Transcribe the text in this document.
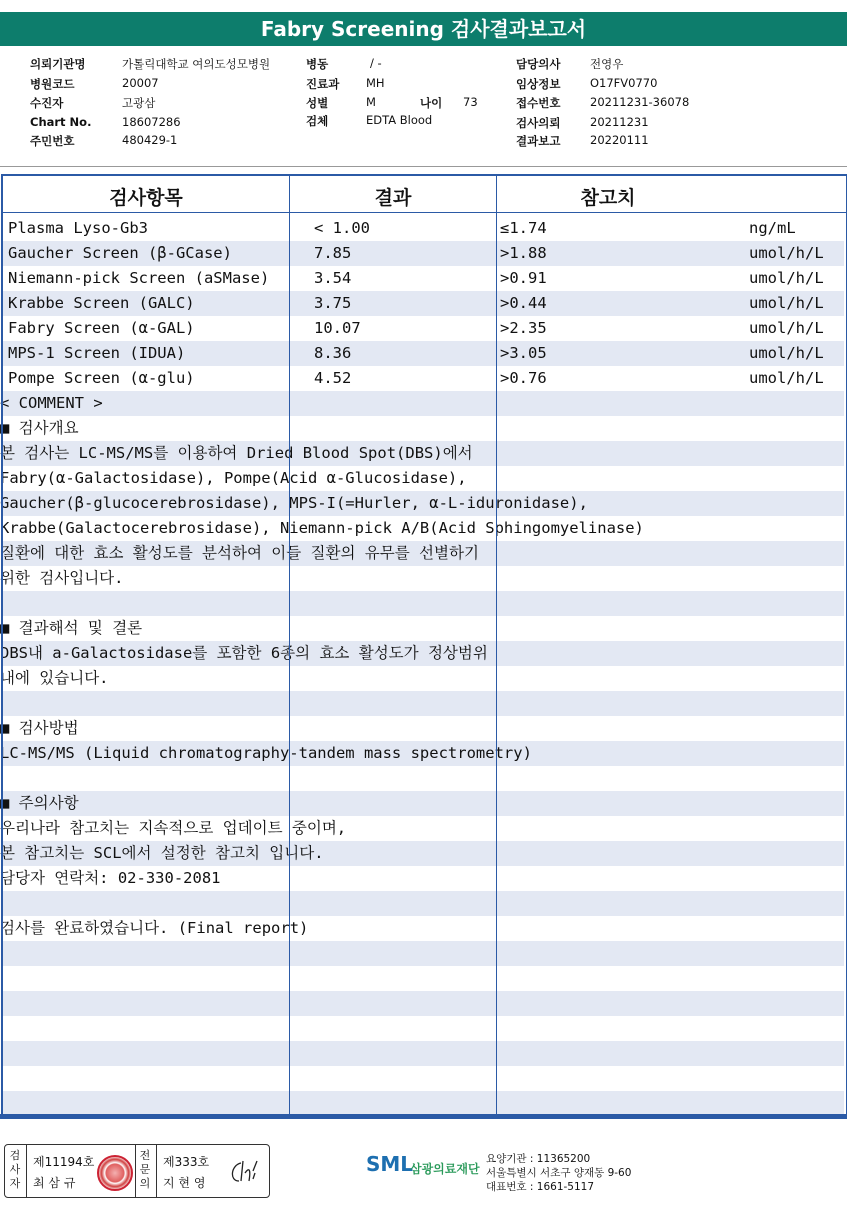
Fabry Screening 검사결과보고서
의뢰기관명	가톨릭대학교 여의도성모병원
병원코드	20007
수진자	고광삼
Chart No.	18607286
주민번호	480429-1
병동	/ -
진료과 MH
성별	M	나이 73
검체	EDTA Blood
담당의사	전영우
임상정보	O17FV0770
접수번호	20211231-36078
검사의뢰	20211231
결과보고	20220111
Plasma Lyso-Gb3	< 1.00	≤1.74	ng/mL
Gaucher Screen (β-GCase)	7.85	>1.88	umol/h/L
Niemann-pick Screen (aSMase)	3.54	>0.91	umol/h/L
Krabbe Screen (GALC)	3.75	>0.44	umol/h/L
Fabry Screen (α-GAL)	10.07	>2.35	umol/h/L
MPS-1 Screen (IDUA)	8.36	>3.05	umol/h/L
Pompe Screen (α-glu)	4.52	>0.76	umol/h/L
< COMMENT >
■ 검사개요
본 검사는 LC-MS/MS를 이용하여 Dried Blood Spot(DBS)에서
Fabry(α-Galactosidase), Pompe(Acid α-Glucosidase),
Gaucher(β-glucocerebrosidase), MPS-I(=Hurler, α-L-iduronidase),
Krabbe(Galactocerebrosidase), Niemann-pick A/B(Acid Sphingomyelinase)
질환에 대한 효소 활성도를 분석하여 이들 질환의 유무를 선별하기
위한 검사입니다.
■ 결과해석 및 결론
DBS내 a-Galactosidase를 포함한 6종의 효소 활성도가 정상범위
내에 있습니다.
■ 검사방법
LC-MS/MS (Liquid chromatography-tandem mass spectrometry)
■ 주의사항
우리나라 참고치는 지속적으로 업데이트 중이며,
본 참고치는 SCL에서 설정한 참고치 입니다.
담당자 연락처: 02-330-2081
검사를 완료하였습니다. (Final report)
검사항목	결과	참고치
검사자
제11194호
최 삼 규
전문의
제333호
지 현 영
SML
삼광의료재단
요양기관 : 11365200
서울특별시 서초구 양재동 9-60
대표번호 : 1661-5117
